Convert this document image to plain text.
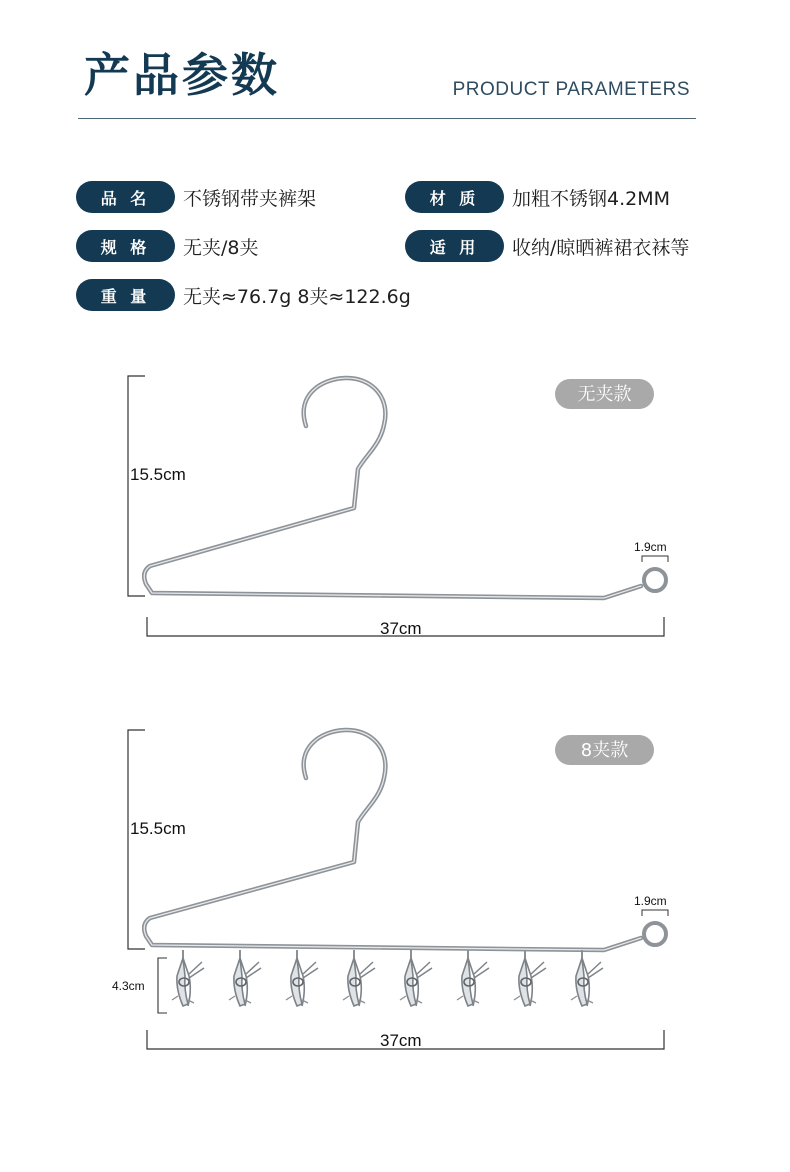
产品参数	PRODUCT PARAMETERS
品 名	不锈钢带夹裤架	材 质	加粗不锈钢4.2MM
规 格	无夹/8夹	适 用	收纳/晾晒裤裙衣袜等
重 量	无夹≈76.7g 8夹≈122.6g
15.5cm
1.9cm
37cm
无夹款
15.5cm
1.9cm
4.3cm
37cm
8夹款
